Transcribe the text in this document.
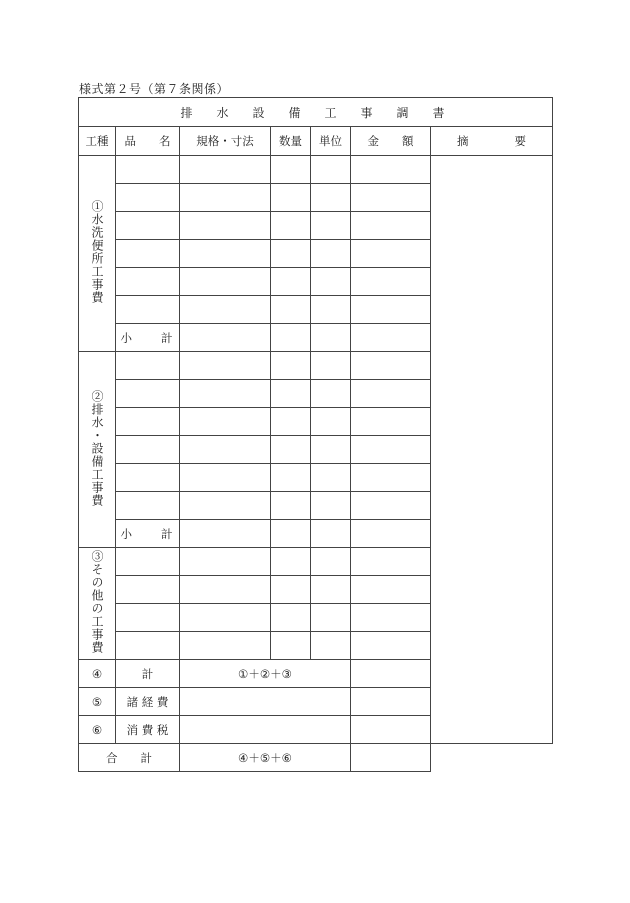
様式第２号（第７条関係）
排　水　設　備　工　事　調　書						
工種	品　　名	規格・寸法	数量	単位	金　　額	摘　　　　要
①水洗便所工事費						

	小　　計					
②排水・設備工事費						

	小　　計					
③その他の工事費						

④	計	①＋②＋③				
⑤	諸 経 費					
⑥	消 費 税					
合　　計		④＋⑤＋⑥				
